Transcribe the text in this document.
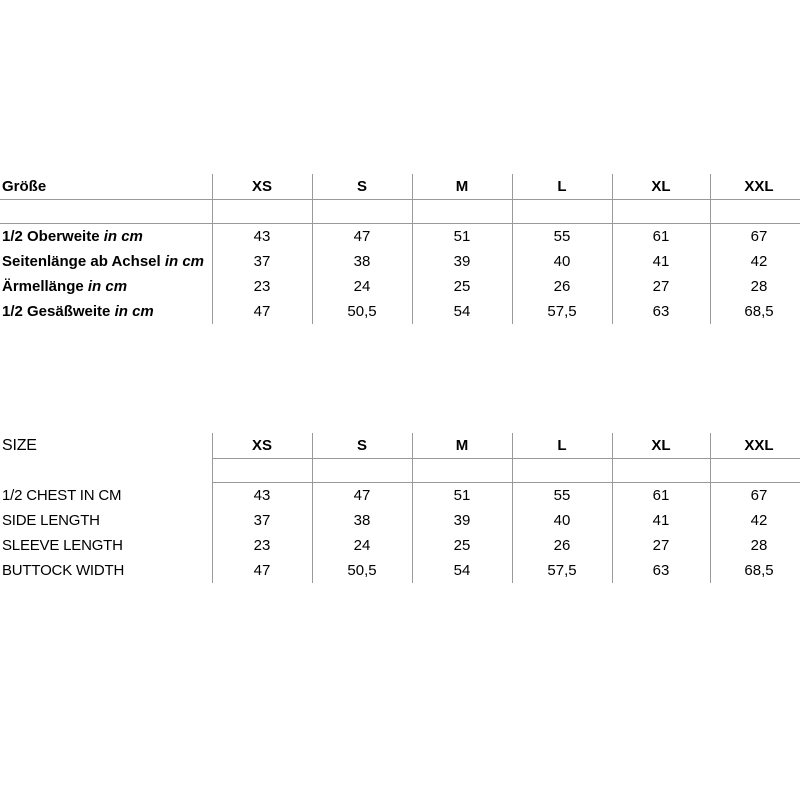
Größe	XS	S	M	L	XL	XXL
1/2 Oberweite in cm	43	47	51	55	61	67
Seitenlänge ab Achsel in cm	37	38	39	40	41	42
Ärmellänge in cm	23	24	25	26	27	28
1/2 Gesäßweite in cm	47	50,5	54	57,5	63	68,5
SIZE	XS	S	M	L	XL	XXL
1/2 CHEST IN CM	43	47	51	55	61	67
SIDE LENGTH	37	38	39	40	41	42
SLEEVE LENGTH	23	24	25	26	27	28
BUTTOCK WIDTH	47	50,5	54	57,5	63	68,5
